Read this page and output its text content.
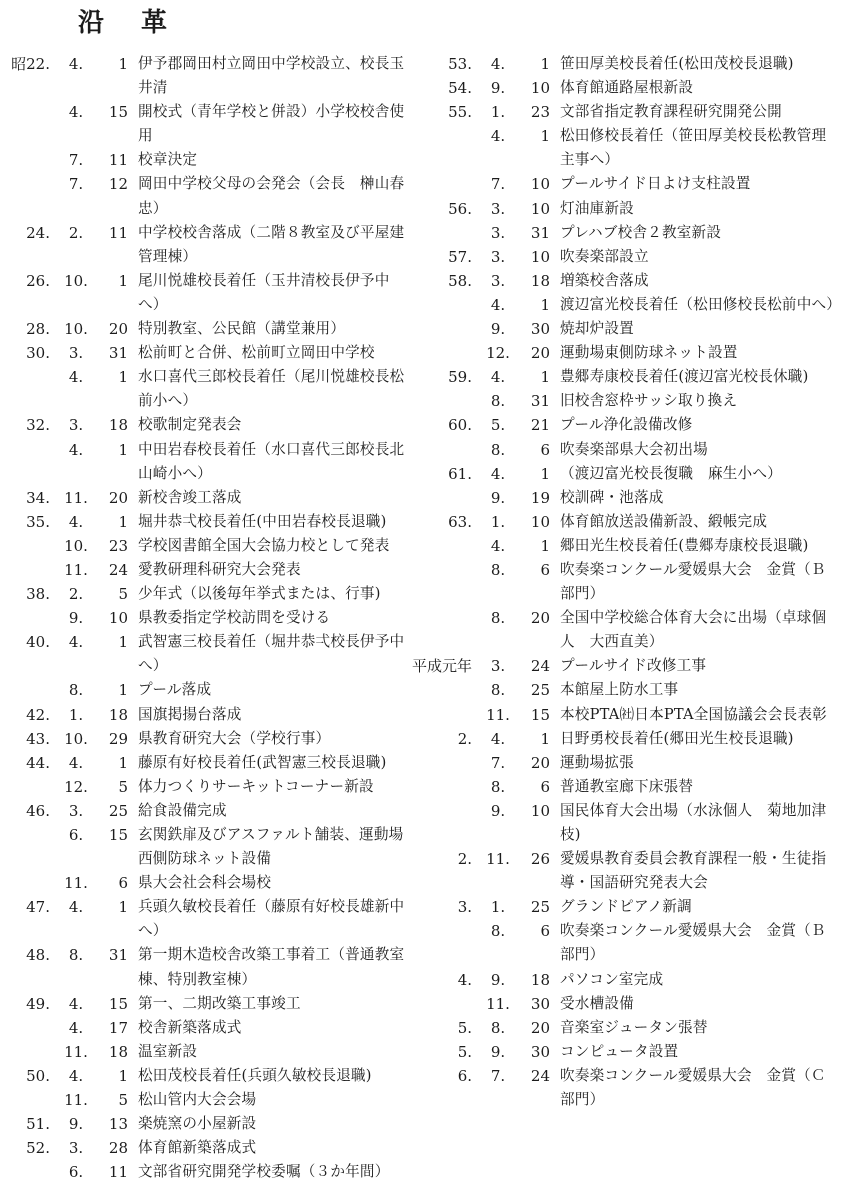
沿 革
昭22.	4.	1 伊予郡岡田村立岡田中学校設立、校長玉井清
4.	15 開校式（青年学校と併設）小学校校舎使用
7.	11 校章決定
7.	12 岡田中学校父母の会発会（会長　榊山春忠）
24.	2.	11 中学校校舎落成（二階８教室及び平屋建管理棟）
26. 10.	1 尾川悦雄校長着任（玉井清校長伊予中へ）
28. 10.	20 特別教室、公民館（講堂兼用）
30.	3.	31 松前町と合併、松前町立岡田中学校
4.	1 水口喜代三郎校長着任（尾川悦雄校長松前小へ）
32.	3.	18 校歌制定発表会
4.	1 中田岩春校長着任（水口喜代三郎校長北山崎小へ）
34. 11.	20 新校舎竣工落成
35.	4.	1 堀井恭弌校長着任(中田岩春校長退職)
10.	23 学校図書館全国大会協力校として発表
11.	24 愛教研理科研究大会発表
38.	2.	5 少年式（以後毎年挙式または、行事)
9.	10 県教委指定学校訪問を受ける
40.	4.	1 武智憲三校長着任（堀井恭弌校長伊予中へ）
8.	1 プール落成
42.	1.	18 国旗掲揚台落成
43. 10.	29 県教育研究大会（学校行事）
44.	4.	1 藤原有好校長着任(武智憲三校長退職)
12.	5 体力つくりサーキットコーナー新設
46.	3.	25 給食設備完成
6.	15 玄関鉄扉及びアスファルト舗装、運動場西側防球ネット設備
11.	6 県大会社会科会場校
47.	4.	1 兵頭久敏校長着任（藤原有好校長雄新中へ）
48.	8.	31 第一期木造校舎改築工事着工（普通教室棟、特別教室棟）
49.	4.	15 第一、二期改築工事竣工
4.	17 校舎新築落成式
11.	18 温室新設
50.	4.	1 松田茂校長着任(兵頭久敏校長退職)
11.	5 松山管内大会会場
51.	9.	13 楽焼窯の小屋新設
52.	3.	28 体育館新築落成式
6.	11 文部省研究開発学校委嘱（３か年間）
53.	4.	1 笹田厚美校長着任(松田茂校長退職)
54.	9.	10 体育館通路屋根新設
55.	1.	23 文部省指定教育課程研究開発公開
4.	1 松田修校長着任（笹田厚美校長松教管理主事へ）
7.	10 プールサイド日よけ支柱設置
56.	3.	10 灯油庫新設
3.	31 プレハブ校舎２教室新設
57.	3.	10 吹奏楽部設立
58.	3.	18 増築校舎落成
4.	1 渡辺富光校長着任（松田修校長松前中へ）
9.	30 焼却炉設置
12.	20 運動場東側防球ネット設置
59.	4.	1 豊郷寿康校長着任(渡辺富光校長休職)
8.	31 旧校舎窓枠サッシ取り換え
60.	5.	21 プール浄化設備改修
8.	6 吹奏楽部県大会初出場
61.	4.	1 （渡辺富光校長復職　麻生小へ）
9.	19 校訓碑・池落成
63.	1.	10 体育館放送設備新設、緞帳完成
4.	1 郷田光生校長着任(豊郷寿康校長退職)
8.	6 吹奏楽コンクール愛媛県大会　金賞（Ｂ部門）
8.	20 全国中学校総合体育大会に出場（卓球個人　大西直美）
平成元年	3.	24 プールサイド改修工事
8.	25 本館屋上防水工事
11.	15 本校PTA㈳日本PTA全国協議会会長表彰
2.	4.	1 日野勇校長着任(郷田光生校長退職)
7.	20 運動場拡張
8.	6 普通教室廊下床張替
9.	10 国民体育大会出場（水泳個人　菊地加津枝)
2. 11.	26 愛媛県教育委員会教育課程一般・生徒指導・国語研究発表大会
3.	1.	25 グランドピアノ新調
8.	6 吹奏楽コンクール愛媛県大会　金賞（Ｂ部門）
4.	9.	18 パソコン室完成
11.	30 受水槽設備
5.	8.	20 音楽室ジュータン張替
5.	9.	30 コンピュータ設置
6.	7.	24 吹奏楽コンクール愛媛県大会　金賞（Ｃ部門）
